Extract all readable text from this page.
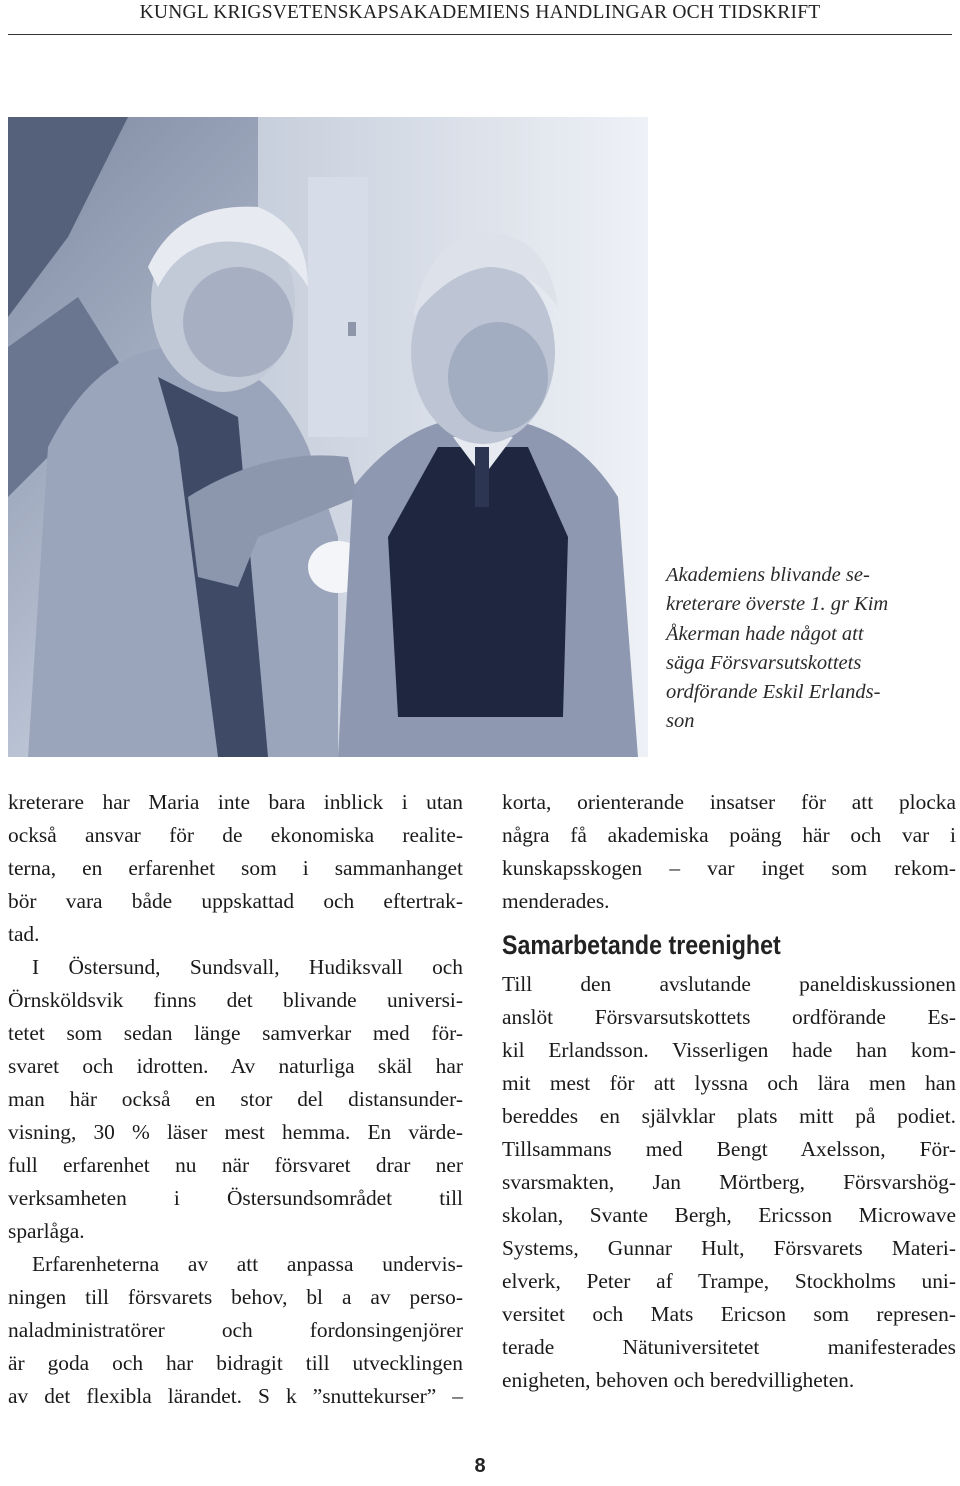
KUNGL KRIGSVETENSKAPSAKADEMIENS HANDLINGAR OCH TIDSKRIFT
Akademiens blivande se-
kreterare överste 1. gr Kim
Åkerman hade något att
säga Försvarsutskottets
ordförande Eskil Erlands-
son
kreterare har Maria inte bara inblick i utan
också ansvar för de ekonomiska realite-
terna, en erfarenhet som i sammanhanget
bör vara både uppskattad och eftertrak-
tad.
I Östersund, Sundsvall, Hudiksvall och
Örnsköldsvik finns det blivande universi-
tetet som sedan länge samverkar med för-
svaret och idrotten. Av naturliga skäl har
man här också en stor del distansunder-
visning, 30 % läser mest hemma. En värde-
full erfarenhet nu när försvaret drar ner
verksamheten i Östersundsområdet till
sparlåga.
Erfarenheterna av att anpassa undervis-
ningen till försvarets behov, bl a av perso-
naladministratörer och fordonsingenjörer
är goda och har bidragit till utvecklingen
av det flexibla lärandet. S k ”snuttekurser” –
korta, orienterande insatser för att plocka
några få akademiska poäng här och var i
kunskapsskogen – var inget som rekom-
menderades.
Samarbetande treenighet
Till den avslutande paneldiskussionen
anslöt Försvarsutskottets ordförande Es-
kil Erlandsson. Visserligen hade han kom-
mit mest för att lyssna och lära men han
bereddes en självklar plats mitt på podiet.
Tillsammans med Bengt Axelsson, För-
svarsmakten, Jan Mörtberg, Försvarshög-
skolan, Svante Bergh, Ericsson Microwave
Systems, Gunnar Hult, Försvarets Materi-
elverk, Peter af Trampe, Stockholms uni-
versitet och Mats Ericson som represen-
terade Nätuniversitetet manifesterades
enigheten, behoven och beredvilligheten.
8
